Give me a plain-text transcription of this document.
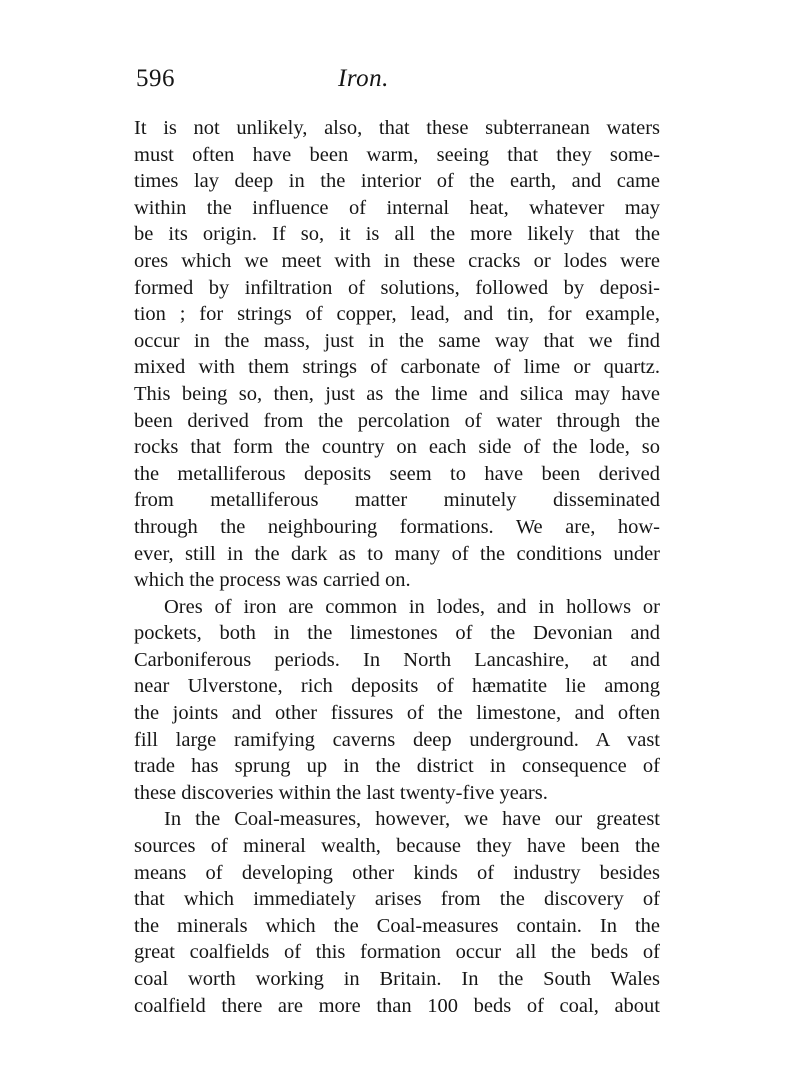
596	Iron.
It is not unlikely, also, that these subterranean waters
must often have been warm, seeing that they some-
times lay deep in the interior of the earth, and came
within the influence of internal heat, whatever may
be its origin. If so, it is all the more likely that the
ores which we meet with in these cracks or lodes were
formed by infiltration of solutions, followed by deposi-
tion ; for strings of copper, lead, and tin, for example,
occur in the mass, just in the same way that we find
mixed with them strings of carbonate of lime or quartz.
This being so, then, just as the lime and silica may have
been derived from the percolation of water through the
rocks that form the country on each side of the lode, so
the metalliferous deposits seem to have been derived
from metalliferous matter minutely disseminated
through the neighbouring formations. We are, how-
ever, still in the dark as to many of the conditions under
which the process was carried on.
Ores of iron are common in lodes, and in hollows or
pockets, both in the limestones of the Devonian and
Carboniferous periods. In North Lancashire, at and
near Ulverstone, rich deposits of hæmatite lie among
the joints and other fissures of the limestone, and often
fill large ramifying caverns deep underground. A vast
trade has sprung up in the district in consequence of
these discoveries within the last twenty-five years.
In the Coal-measures, however, we have our greatest
sources of mineral wealth, because they have been the
means of developing other kinds of industry besides
that which immediately arises from the discovery of
the minerals which the Coal-measures contain. In the
great coalfields of this formation occur all the beds of
coal worth working in Britain. In the South Wales
coalfield there are more than 100 beds of coal, about
